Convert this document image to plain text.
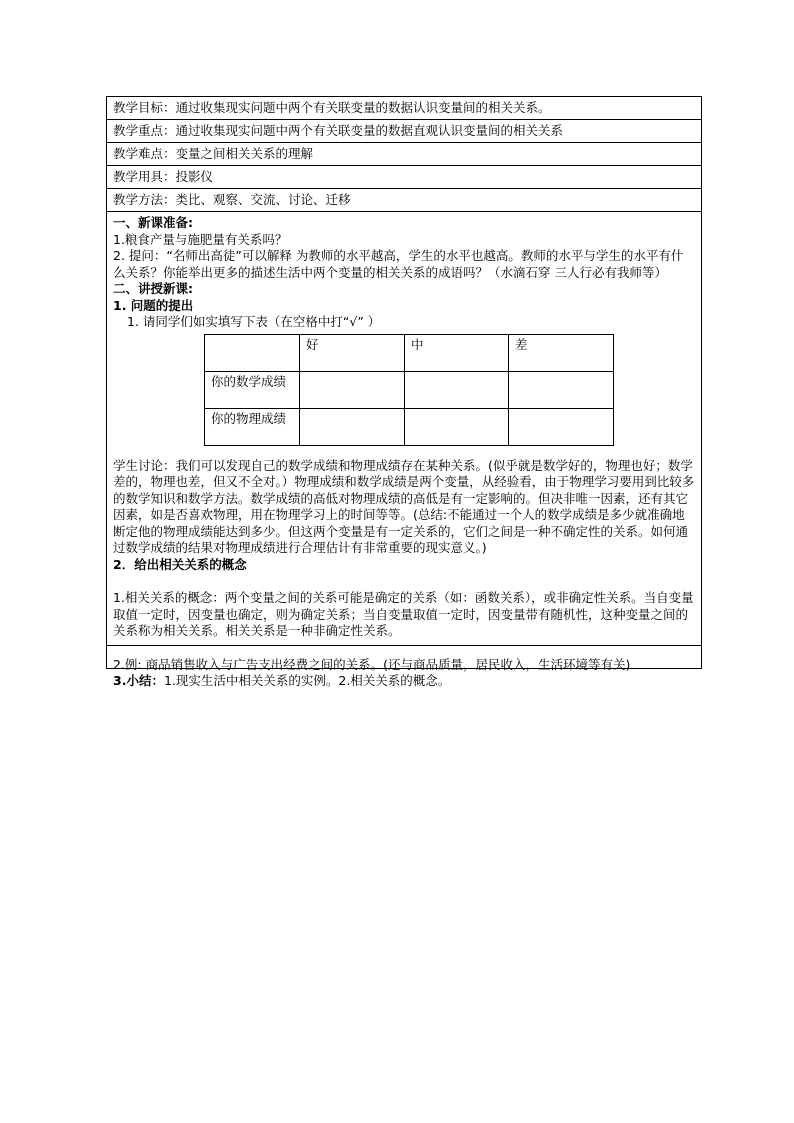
教学目标：通过收集现实问题中两个有关联变量的数据认识变量间的相关关系。
教学重点：通过收集现实问题中两个有关联变量的数据直观认识变量间的相关关系
教学难点：变量之间相关关系的理解
教学用具：投影仪
教学方法：类比、观察、交流、讨论、迁移

一、新课准备:

1.粮食产量与施肥量有关系吗？

2. 提问：“名师出高徒”可以解释 为教师的水平越高，学生的水平也越高。教师的水平与学生的水平有什么关系？你能举出更多的描述生活中两个变量的相关关系的成语吗？（水滴石穿 三人行必有我师等）

二、讲授新课:

1. 问题的提出

1. 请同学们如实填写下表（在空格中打“√” ）

	好	中	差
你的数学成绩			
你的物理成绩			

学生讨论：我们可以发现自己的数学成绩和物理成绩存在某种关系。(似乎就是数学好的，物理也好；数学差的，物理也差，但又不全对。）物理成绩和数学成绩是两个变量，从经验看，由于物理学习要用到比较多的数学知识和数学方法。数学成绩的高低对物理成绩的高低是有一定影响的。但决非唯一因素，还有其它因素，如是否喜欢物理，用在物理学习上的时间等等。(总结:不能通过一个人的数学成绩是多少就准确地断定他的物理成绩能达到多少。但这两个变量是有一定关系的，它们之间是一种不确定性的关系。如何通过数学成绩的结果对物理成绩进行合理估计有非常重要的现实意义。)

2．给出相关关系的概念

1.相关关系的概念：两个变量之间的关系可能是确定的关系（如：函数关系），或非确定性关系。当自变量取值一定时，因变量也确定，则为确定关系；当自变量取值一定时，因变量带有随机性，这种变量之间的关系称为相关关系。相关关系是一种非确定性关系。

2.例: 商品销售收入与广告支出经费之间的关系。(还与商品质量，居民收入，生活环境等有关)

3.小结：1.现实生活中相关关系的实例。2.相关关系的概念。
